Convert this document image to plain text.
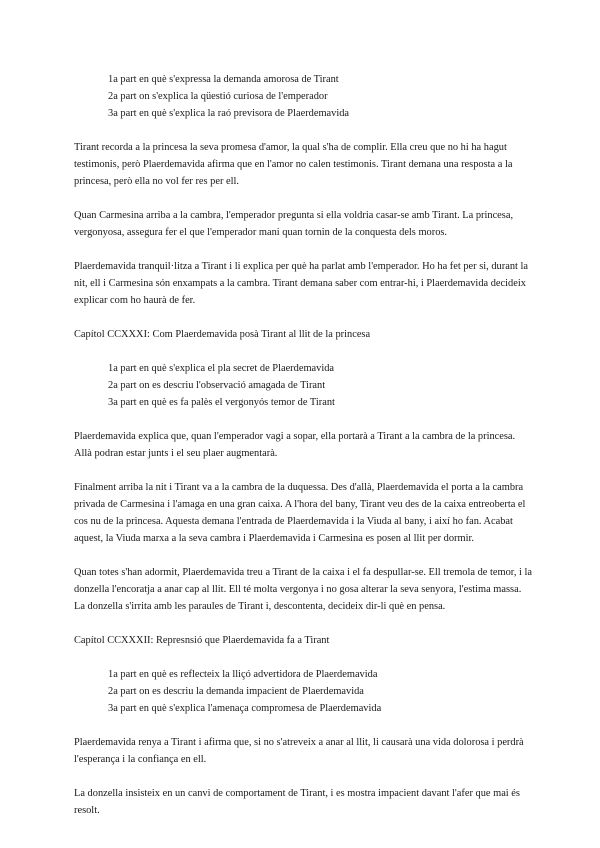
1a part en què s'expressa la demanda amorosa de Tirant
2a part on s'explica la qüestió curiosa de l'emperador
3a part en què s'explica la raó previsora de Plaerdemavida

Tirant recorda a la princesa la seva promesa d'amor, la qual s'ha de complir. Ella creu que no hi ha hagut testimonis, però Plaerdemavida afirma que en l'amor no calen testimonis. Tirant demana una resposta a la princesa, però ella no vol fer res per ell.

Quan Carmesina arriba a la cambra, l'emperador pregunta si ella voldria casar-se amb Tirant. La princesa, vergonyosa, assegura fer el que l'emperador mani quan tornin de la conquesta dels moros.

Plaerdemavida tranquil·litza a Tirant i li explica per què ha parlat amb l'emperador. Ho ha fet per si, durant la nit, ell i Carmesina són enxampats a la cambra. Tirant demana saber com entrar-hi, i Plaerdemavida decideix explicar com ho haurà de fer.

Capítol CCXXXI: Com Plaerdemavida posà Tirant al llit de la princesa
1a part en què s'explica el pla secret de Plaerdemavida
2a part on es descriu l'observació amagada de Tirant
3a part en què es fa palès el vergonyós temor de Tirant

Plaerdemavida explica que, quan l'emperador vagi a sopar, ella portarà a Tirant a la cambra de la princesa. Allà podran estar junts i el seu plaer augmentarà.

Finalment arriba la nit i Tirant va a la cambra de la duquessa. Des d'allà, Plaerdemavida el porta a la cambra privada de Carmesina i l'amaga en una gran caixa. A l'hora del bany, Tirant veu des de la caixa entreoberta el cos nu de la princesa. Aquesta demana l'entrada de Plaerdemavida i la Viuda al bany, i així ho fan. Acabat aquest, la Viuda marxa a la seva cambra i Plaerdemavida i Carmesina es posen al llit per dormir.

Quan totes s'han adormit, Plaerdemavida treu a Tirant de la caixa i el fa despullar-se. Ell tremola de temor, i la donzella l'encoratja a anar cap al llit. Ell té molta vergonya i no gosa alterar la seva senyora, l'estima massa. La donzella s'irrita amb les paraules de Tirant i, descontenta, decideix dir-li què en pensa.

Capítol CCXXXII: Represnsió que Plaerdemavida fa a Tirant
1a part en què es reflecteix la lliçó advertidora de Plaerdemavida
2a part on es descriu la demanda impacient de Plaerdemavida
3a part en què s'explica l'amenaça compromesa de Plaerdemavida

Plaerdemavida renya a Tirant i afirma que, si no s'atreveix a anar al llit, li causarà una vida dolorosa i perdrà l'esperança i la confiança en ell.

La donzella insisteix en un canvi de comportament de Tirant, i es mostra impacient davant l'afer que mai és resolt.
